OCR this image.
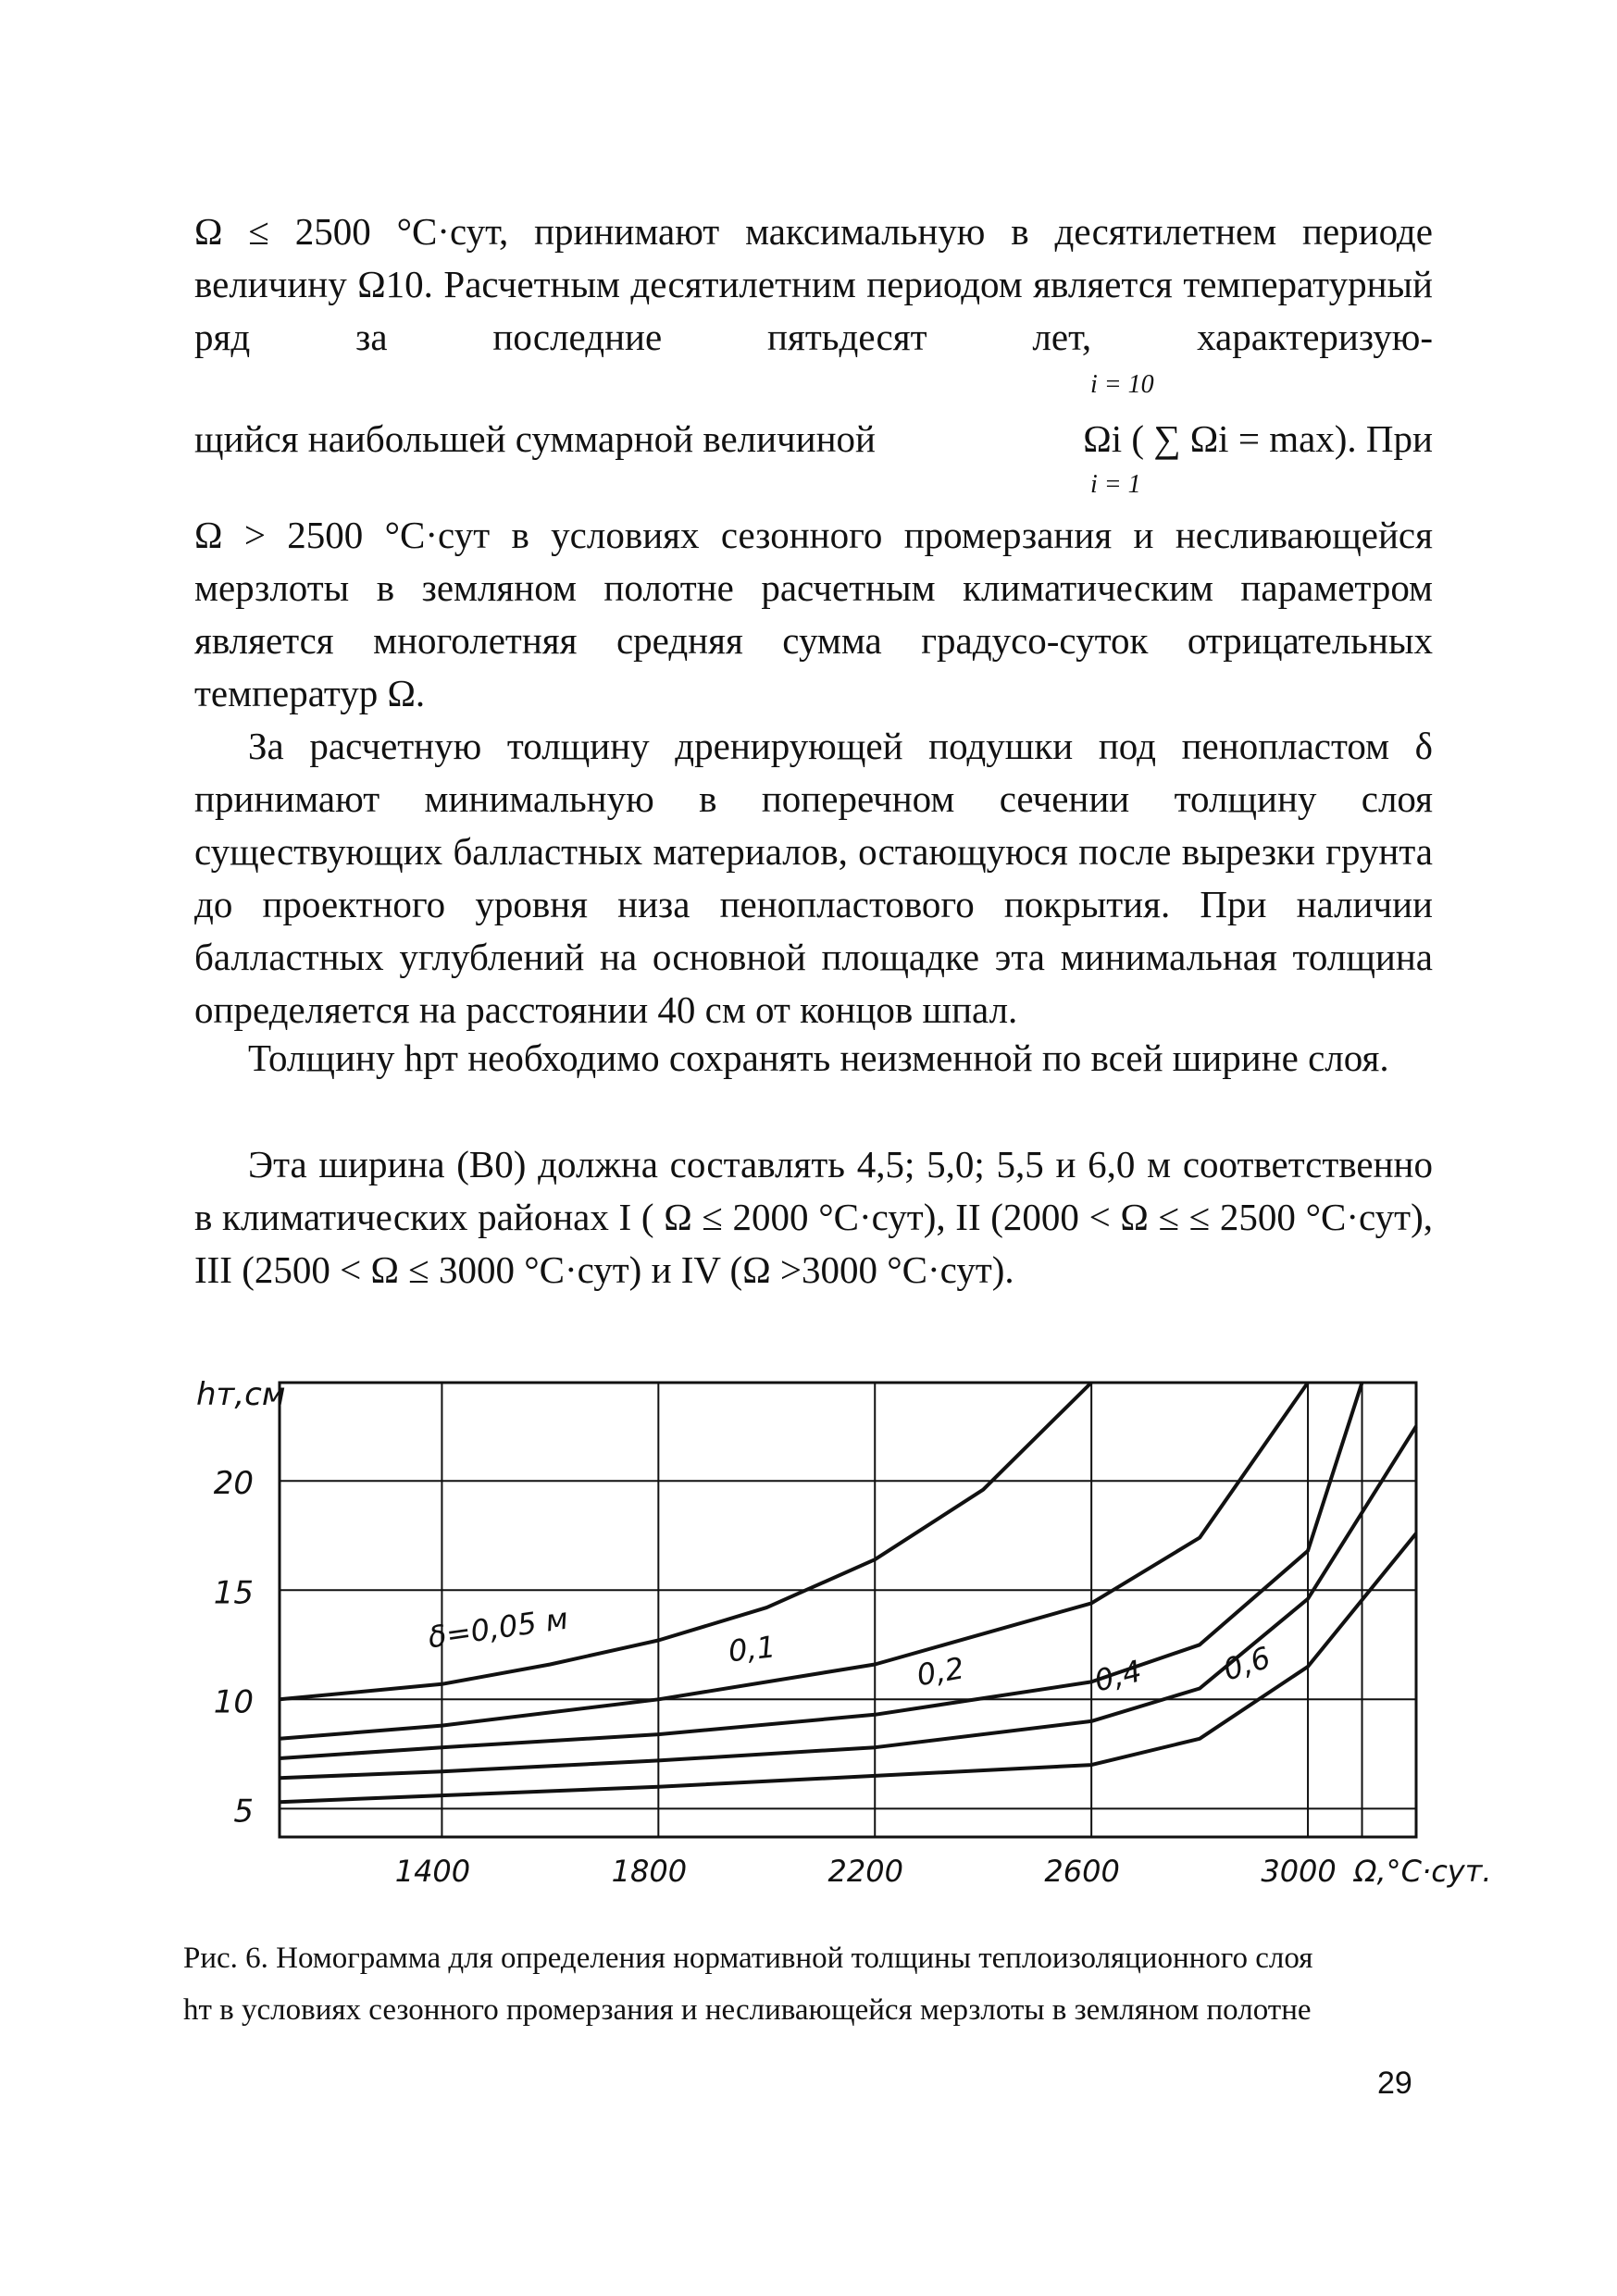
Ω ≤ 2500 °С·сут, принимают максимальную в десятилетнем периоде величину Ω10. Расчетным десятилетним периодом является температурный ряд за последние пятьдесят лет, характеризую-

щийся наибольшей суммарной величиной
i = 10
Ωi ( ∑ Ωi = max). При
i = 1

Ω > 2500 °С·сут в условиях сезонного промерзания и несливающейся мерзлоты в земляном полотне расчетным климатическим параметром является многолетняя средняя сумма градусо-суток отрицательных температур Ω.

За расчетную толщину дренирующей подушки под пенопластом δ принимают минимальную в поперечном сечении толщину слоя существующих балластных материалов, остающуюся после вырезки грунта до проектного уровня низа пенопластового покрытия. При наличии балластных углублений на основной площадке эта минимальная толщина определяется на расстоянии 40 см от концов шпал.

Толщину hрт необходимо сохранять неизменной по всей ширине слоя.

Эта ширина (B0) должна составлять 4,5; 5,0; 5,5 и 6,0 м соответственно в климатических районах I ( Ω ≤ 2000 °С·сут), II (2000 < Ω ≤ ≤ 2500 °С·сут), III (2500 < Ω ≤ 3000 °С·сут) и IV (Ω >3000 °С·сут).

20
15
10
5
1400	1800	2200	2600	3000
hт,см
Ω,°С·сут.
δ=0,05 м	0,1
0,2	0,4 0,6

Рис. 6. Номограмма для определения нормативной толщины теплоизоляционного слоя

hт в условиях сезонного промерзания и несливающейся мерзлоты в земляном полотне

29
